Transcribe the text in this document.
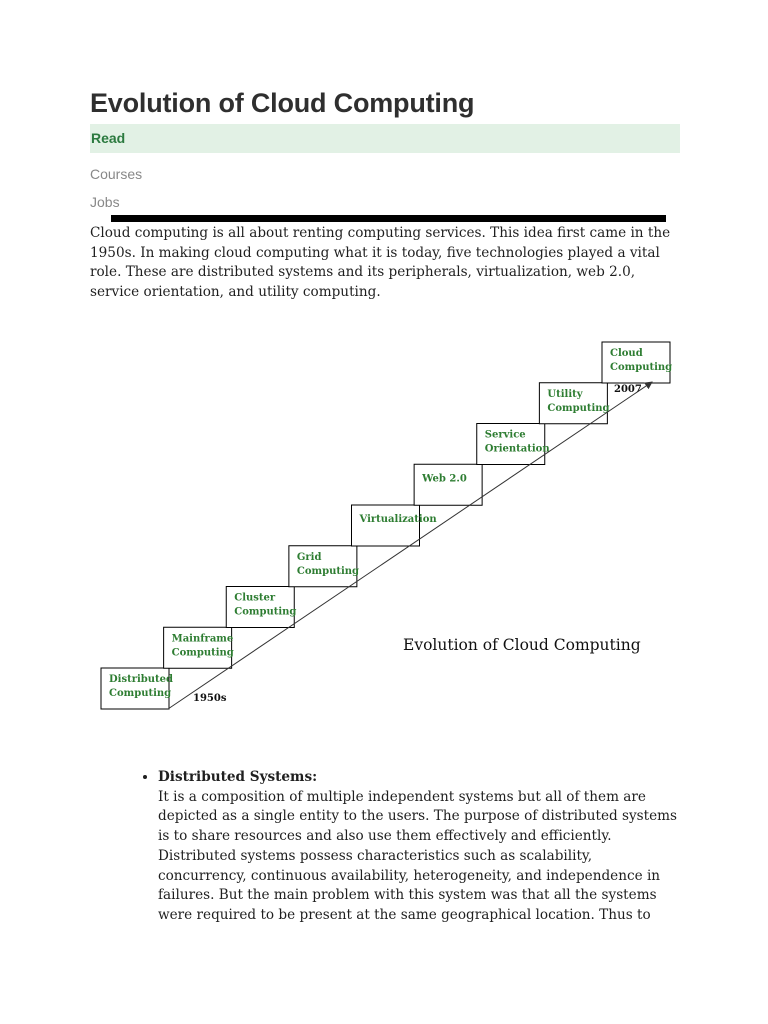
Evolution of Cloud Computing
Read
Courses
Jobs

Cloud computing is all about renting computing services. This idea first came in the 1950s. In making cloud computing what it is today, five technologies played a vital role. These are distributed systems and its peripherals, virtualization, web 2.0, service orientation, and utility computing.

Distributed
Computing
Mainframe
Computing
Cluster
Computing
Grid
Computing
Virtualization
Web 2.0
Service
Orientation
Utility
Computing
Cloud
Computing
1950s
2007
Evolution of Cloud Computing
• Distributed Systems:
It is a composition of multiple independent systems but all of them are depicted as a single entity to the users. The purpose of distributed systems is to share resources and also use them effectively and efficiently. Distributed systems possess characteristics such as scalability, concurrency, continuous availability, heterogeneity, and independence in failures. But the main problem with this system was that all the systems were required to be present at the same geographical location. Thus to
